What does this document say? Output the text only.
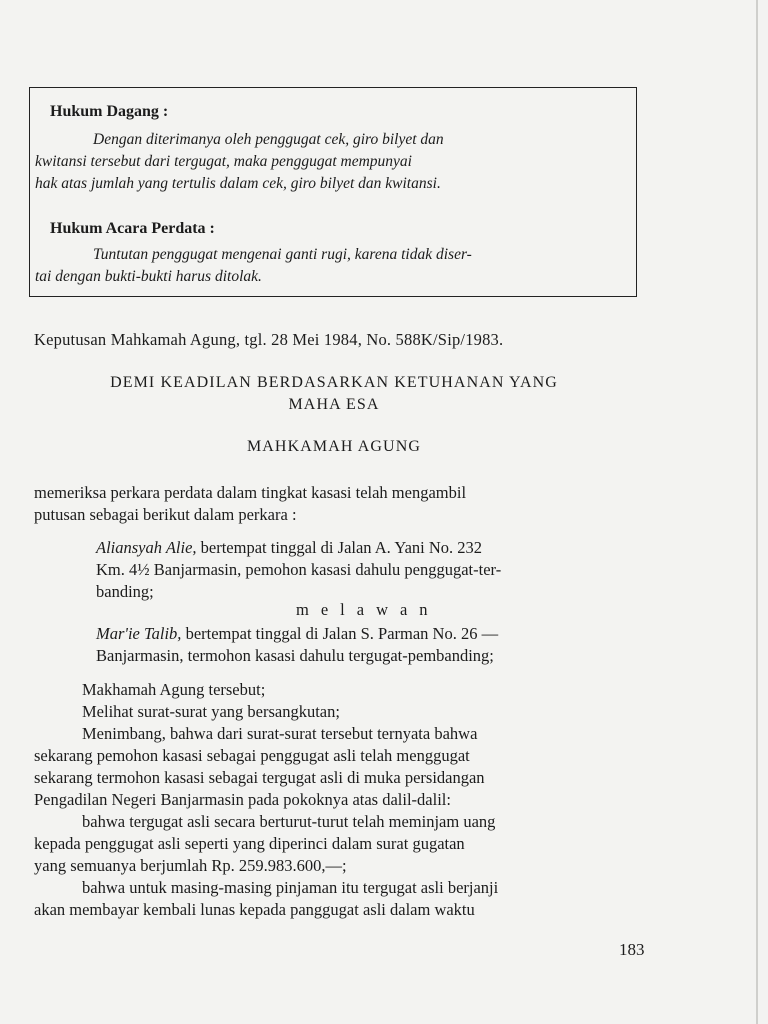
Hukum Dagang :
Dengan diterimanya oleh penggugat cek, giro bilyet dan
kwitansi tersebut dari tergugat, maka penggugat mempunyai
hak atas jumlah yang tertulis dalam cek, giro bilyet dan kwitansi.
Hukum Acara Perdata :
Tuntutan penggugat mengenai ganti rugi, karena tidak diser-
tai dengan bukti-bukti harus ditolak.
Keputusan Mahkamah Agung, tgl. 28 Mei 1984, No. 588K/Sip/1983.
DEMI KEADILAN BERDASARKAN KETUHANAN YANG
MAHA ESA
MAHKAMAH AGUNG
memeriksa perkara perdata dalam tingkat kasasi telah mengambil
putusan sebagai berikut dalam perkara :
Aliansyah Alie, bertempat tinggal di Jalan A. Yani No. 232
Km. 4½ Banjarmasin, pemohon kasasi dahulu penggugat-ter-
banding;
melawan
Mar'ie Talib, bertempat tinggal di Jalan S. Parman No. 26 —
Banjarmasin, termohon kasasi dahulu tergugat-pembanding;
Makhamah Agung tersebut;
Melihat surat-surat yang bersangkutan;
Menimbang, bahwa dari surat-surat tersebut ternyata bahwa
sekarang pemohon kasasi sebagai penggugat asli telah menggugat
sekarang termohon kasasi sebagai tergugat asli di muka persidangan
Pengadilan Negeri Banjarmasin pada pokoknya atas dalil-dalil:
bahwa tergugat asli secara berturut-turut telah meminjam uang
kepada penggugat asli seperti yang diperinci dalam surat gugatan
yang semuanya berjumlah Rp. 259.983.600,—;
bahwa untuk masing-masing pinjaman itu tergugat asli berjanji
akan membayar kembali lunas kepada panggugat asli dalam waktu
183
